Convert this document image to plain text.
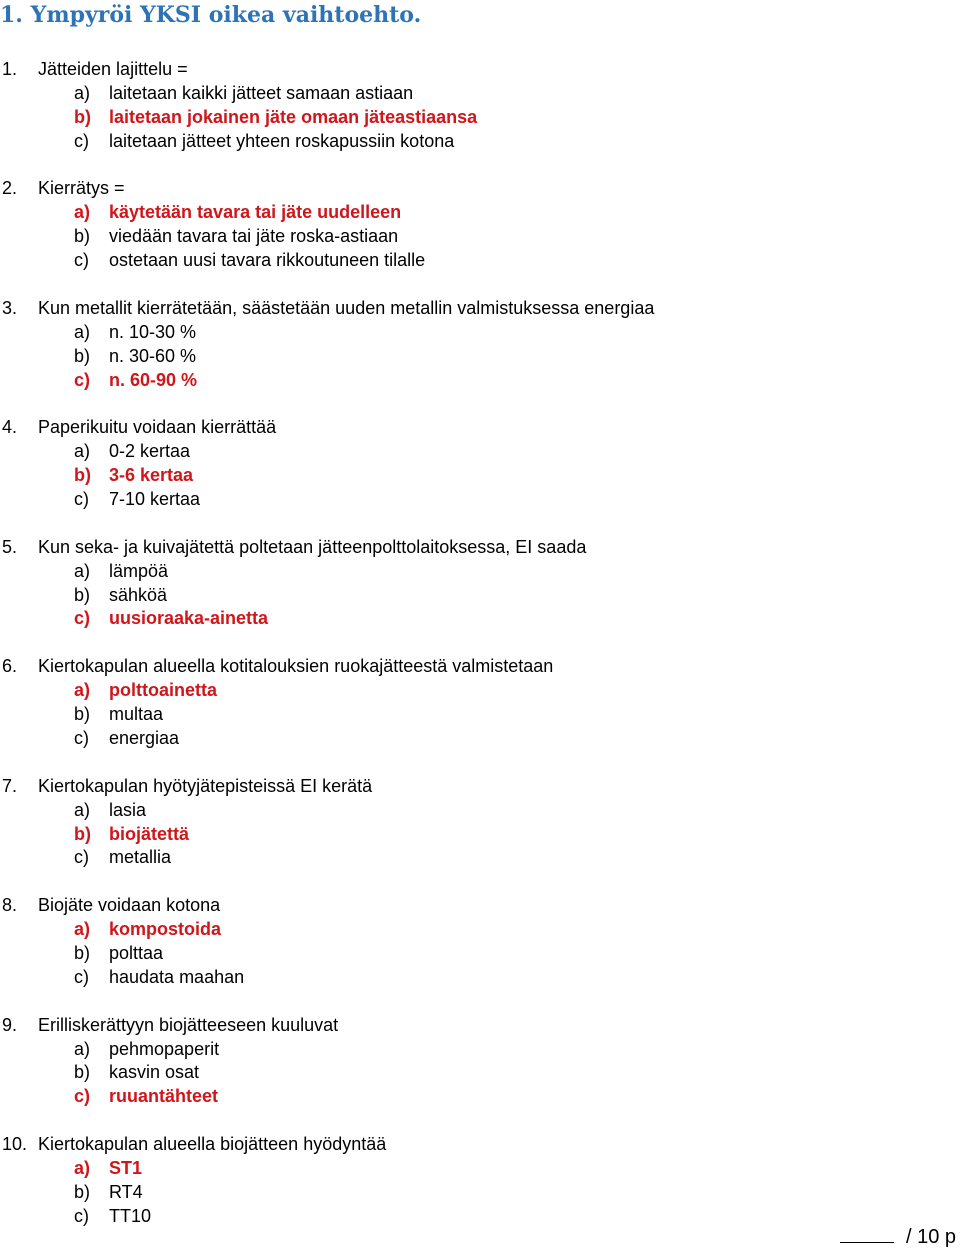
1. Ympyröi YKSI oikea vaihtoehto.
1. Jätteiden lajittelu =
a) laitetaan kaikki jätteet samaan astiaan
b) laitetaan jokainen jäte omaan jäteastiaansa
c) laitetaan jätteet yhteen roskapussiin kotona
2. Kierrätys =
a) käytetään tavara tai jäte uudelleen
b) viedään tavara tai jäte roska-astiaan
c) ostetaan uusi tavara rikkoutuneen tilalle
3. Kun metallit kierrätetään, säästetään uuden metallin valmistuksessa energiaa
a) n. 10-30 %
b) n. 30-60 %
c) n. 60-90 %
4. Paperikuitu voidaan kierrättää
a) 0-2 kertaa
b) 3-6 kertaa
c) 7-10 kertaa
5. Kun seka- ja kuivajätettä poltetaan jätteenpolttolaitoksessa, EI saada
a) lämpöä
b) sähköä
c) uusioraaka-ainetta
6. Kiertokapulan alueella kotitalouksien ruokajätteestä valmistetaan
a) polttoainetta
b) multaa
c) energiaa
7. Kiertokapulan hyötyjätepisteissä EI kerätä
a) lasia
b) biojätettä
c) metallia
8. Biojäte voidaan kotona
a) kompostoida
b) polttaa
c) haudata maahan
9. Erilliskerättyyn biojätteeseen kuuluvat
a) pehmopaperit
b) kasvin osat
c) ruuantähteet
10. Kiertokapulan alueella biojätteen hyödyntää
a) ST1
b) RT4
c) TT10
/ 10 p
